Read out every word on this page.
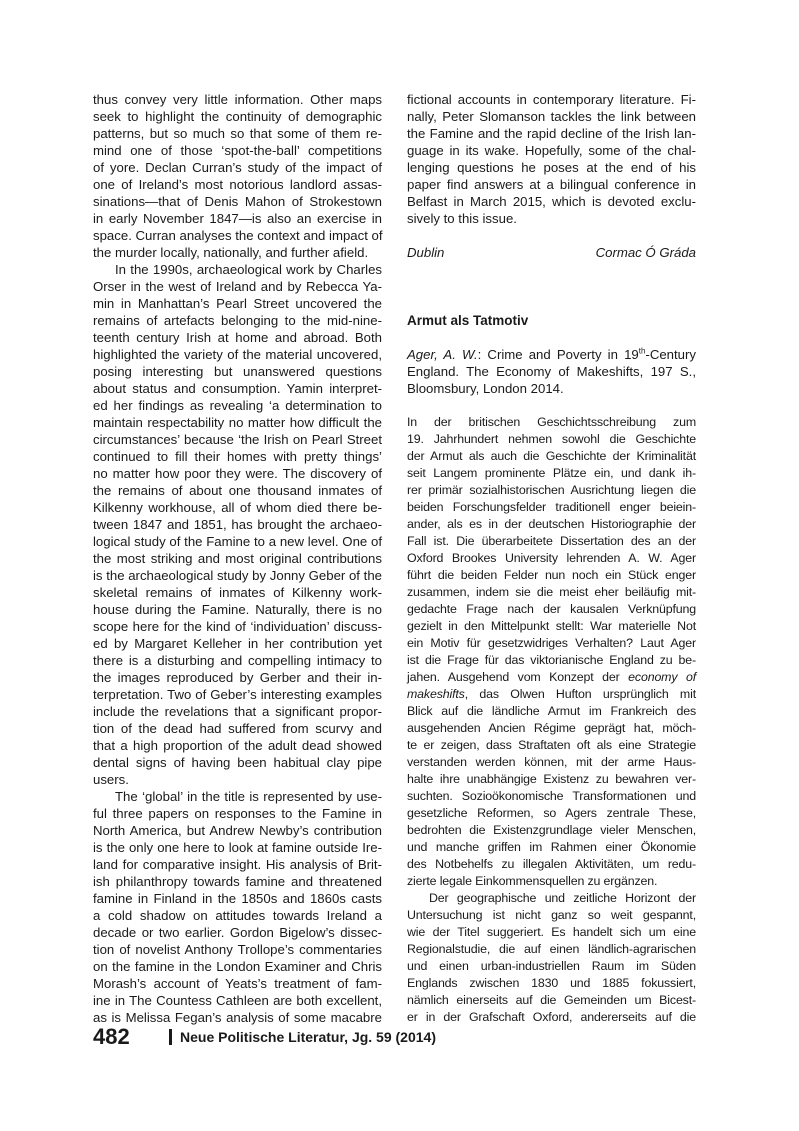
thus convey very little information. Other maps
seek to highlight the continuity of demographic
patterns, but so much so that some of them re-
mind one of those ‘spot-the-ball’ competitions
of yore. Declan Curran’s study of the impact of
one of Ireland’s most notorious landlord assas-
sinations—that of Denis Mahon of Strokestown
in early November 1847—is also an exercise in
space. Curran analyses the context and impact of
the murder locally, nationally, and further afield.
In the 1990s, archaeological work by Charles
Orser in the west of Ireland and by Rebecca Ya-
min in Manhattan’s Pearl Street uncovered the
remains of artefacts belonging to the mid-nine-
teenth century Irish at home and abroad. Both
highlighted the variety of the material uncovered,
posing interesting but unanswered questions
about status and consumption. Yamin interpret-
ed her findings as revealing ‘a determination to
maintain respectability no matter how difficult the
circumstances’ because ‘the Irish on Pearl Street
continued to fill their homes with pretty things’
no matter how poor they were. The discovery of
the remains of about one thousand inmates of
Kilkenny workhouse, all of whom died there be-
tween 1847 and 1851, has brought the archaeo-
logical study of the Famine to a new level. One of
the most striking and most original contributions
is the archaeological study by Jonny Geber of the
skeletal remains of inmates of Kilkenny work-
house during the Famine. Naturally, there is no
scope here for the kind of ‘individuation’ discuss-
ed by Margaret Kelleher in her contribution yet
there is a disturbing and compelling intimacy to
the images reproduced by Gerber and their in-
terpretation. Two of Geber’s interesting examples
include the revelations that a significant propor-
tion of the dead had suffered from scurvy and
that a high proportion of the adult dead showed
dental signs of having been habitual clay pipe
users.
The ‘global’ in the title is represented by use-
ful three papers on responses to the Famine in
North America, but Andrew Newby’s contribution
is the only one here to look at famine outside Ire-
land for comparative insight. His analysis of Brit-
ish philanthropy towards famine and threatened
famine in Finland in the 1850s and 1860s casts
a cold shadow on attitudes towards Ireland a
decade or two earlier. Gordon Bigelow’s dissec-
tion of novelist Anthony Trollope’s commentaries
on the famine in the London Examiner and Chris
Morash’s account of Yeats’s treatment of fam-
ine in The Countess Cathleen are both excellent,
as is Melissa Fegan’s analysis of some macabre
fictional accounts in contemporary literature. Fi-
nally, Peter Slomanson tackles the link between
the Famine and the rapid decline of the Irish lan-
guage in its wake. Hopefully, some of the chal-
lenging questions he poses at the end of his
paper find answers at a bilingual conference in
Belfast in March 2015, which is devoted exclu-
sively to this issue.
Dublin	Cormac Ó Gráda
Armut als Tatmotiv
Ager, A. W.: Crime and Poverty in 19th-Century
England. The Economy of Makeshifts, 197 S.,
Bloomsbury, London 2014.
In der britischen Geschichtsschreibung zum
19. Jahrhundert nehmen sowohl die Geschichte
der Armut als auch die Geschichte der Kriminalität
seit Langem prominente Plätze ein, und dank ih-
rer primär sozialhistorischen Ausrichtung liegen die
beiden Forschungsfelder traditionell enger beiein-
ander, als es in der deutschen Historiographie der
Fall ist. Die überarbeitete Dissertation des an der
Oxford Brookes University lehrenden A. W. Ager
führt die beiden Felder nun noch ein Stück enger
zusammen, indem sie die meist eher beiläufig mit-
gedachte Frage nach der kausalen Verknüpfung
gezielt in den Mittelpunkt stellt: War materielle Not
ein Motiv für gesetzwidriges Verhalten? Laut Ager
ist die Frage für das viktorianische England zu be-
jahen. Ausgehend vom Konzept der economy of
makeshifts, das Olwen Hufton ursprünglich mit
Blick auf die ländliche Armut im Frankreich des
ausgehenden Ancien Régime geprägt hat, möch-
te er zeigen, dass Straftaten oft als eine Strategie
verstanden werden können, mit der arme Haus-
halte ihre unabhängige Existenz zu bewahren ver-
suchten. Sozioökonomische Transformationen und
gesetzliche Reformen, so Agers zentrale These,
bedrohten die Existenzgrundlage vieler Menschen,
und manche griffen im Rahmen einer Ökonomie
des Notbehelfs zu illegalen Aktivitäten, um redu-
zierte legale Einkommensquellen zu ergänzen.
Der geographische und zeitliche Horizont der
Untersuchung ist nicht ganz so weit gespannt,
wie der Titel suggeriert. Es handelt sich um eine
Regionalstudie, die auf einen ländlich-agrarischen
und einen urban-industriellen Raum im Süden
Englands zwischen 1830 und 1885 fokussiert,
nämlich einerseits auf die Gemeinden um Bicest-
er in der Grafschaft Oxford, andererseits auf die
482	Neue Politische Literatur, Jg. 59 (2014)
